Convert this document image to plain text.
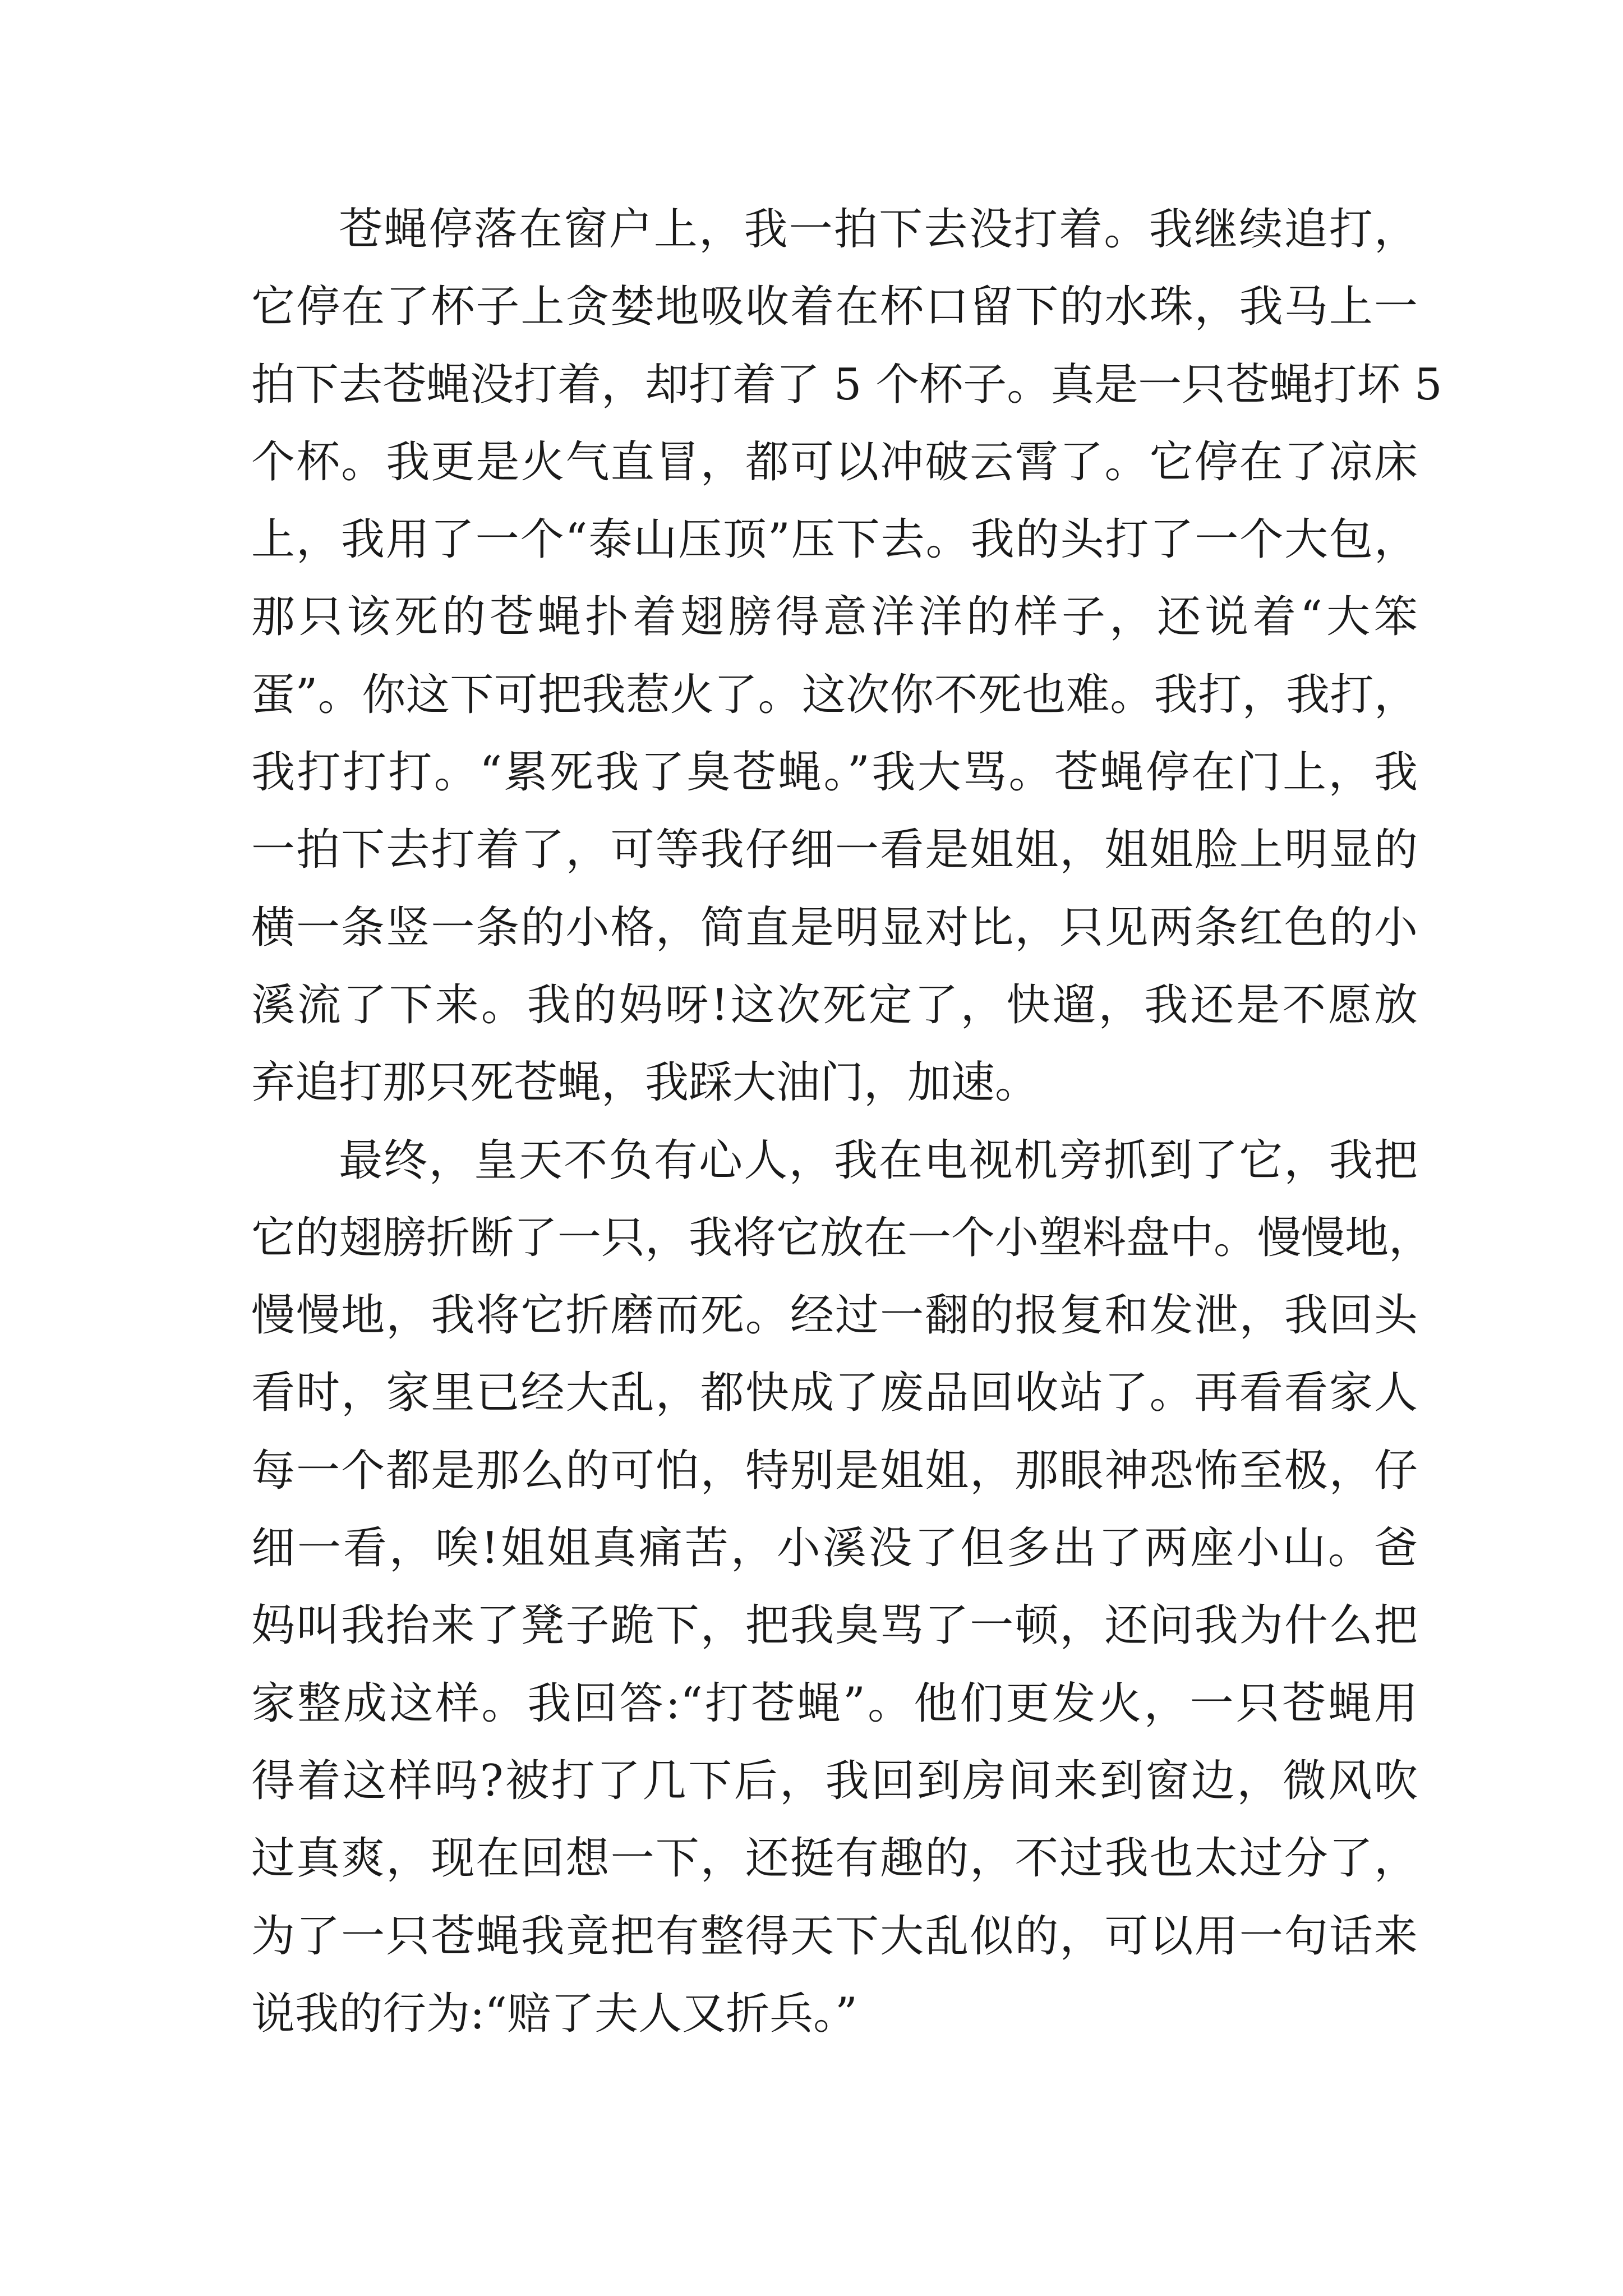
苍蝇停落在窗户上，我一拍下去没打着。我继续追打，
它停在了杯子上贪婪地吸收着在杯口留下的水珠，我马上一
拍下去苍蝇没打着，却打着了 5 个杯子。真是一只苍蝇打坏 5
个杯。我更是火气直冒，都可以冲破云霄了。它停在了凉床
上，我用了一个“泰山压顶”压下去。我的头打了一个大包，
那只该死的苍蝇扑着翅膀得意洋洋的样子，还说着“大笨
蛋”。你这下可把我惹火了。这次你不死也难。我打，我打，
我打打打。“累死我了臭苍蝇。”我大骂。苍蝇停在门上，我
一拍下去打着了，可等我仔细一看是姐姐，姐姐脸上明显的
横一条竖一条的小格，简直是明显对比，只见两条红色的小
溪流了下来。我的妈呀!这次死定了，快遛，我还是不愿放
弃追打那只死苍蝇，我踩大油门，加速。
最终，皇天不负有心人，我在电视机旁抓到了它，我把
它的翅膀折断了一只，我将它放在一个小塑料盘中。慢慢地，
慢慢地，我将它折磨而死。经过一翻的报复和发泄，我回头
看时，家里已经大乱，都快成了废品回收站了。再看看家人
每一个都是那么的可怕，特别是姐姐，那眼神恐怖至极，仔
细一看，唉!姐姐真痛苦，小溪没了但多出了两座小山。爸
妈叫我抬来了凳子跪下，把我臭骂了一顿，还问我为什么把
家整成这样。我回答:“打苍蝇”。他们更发火，一只苍蝇用
得着这样吗?被打了几下后，我回到房间来到窗边，微风吹
过真爽，现在回想一下，还挺有趣的，不过我也太过分了，
为了一只苍蝇我竟把有整得天下大乱似的，可以用一句话来
说我的行为:“赔了夫人又折兵。”
